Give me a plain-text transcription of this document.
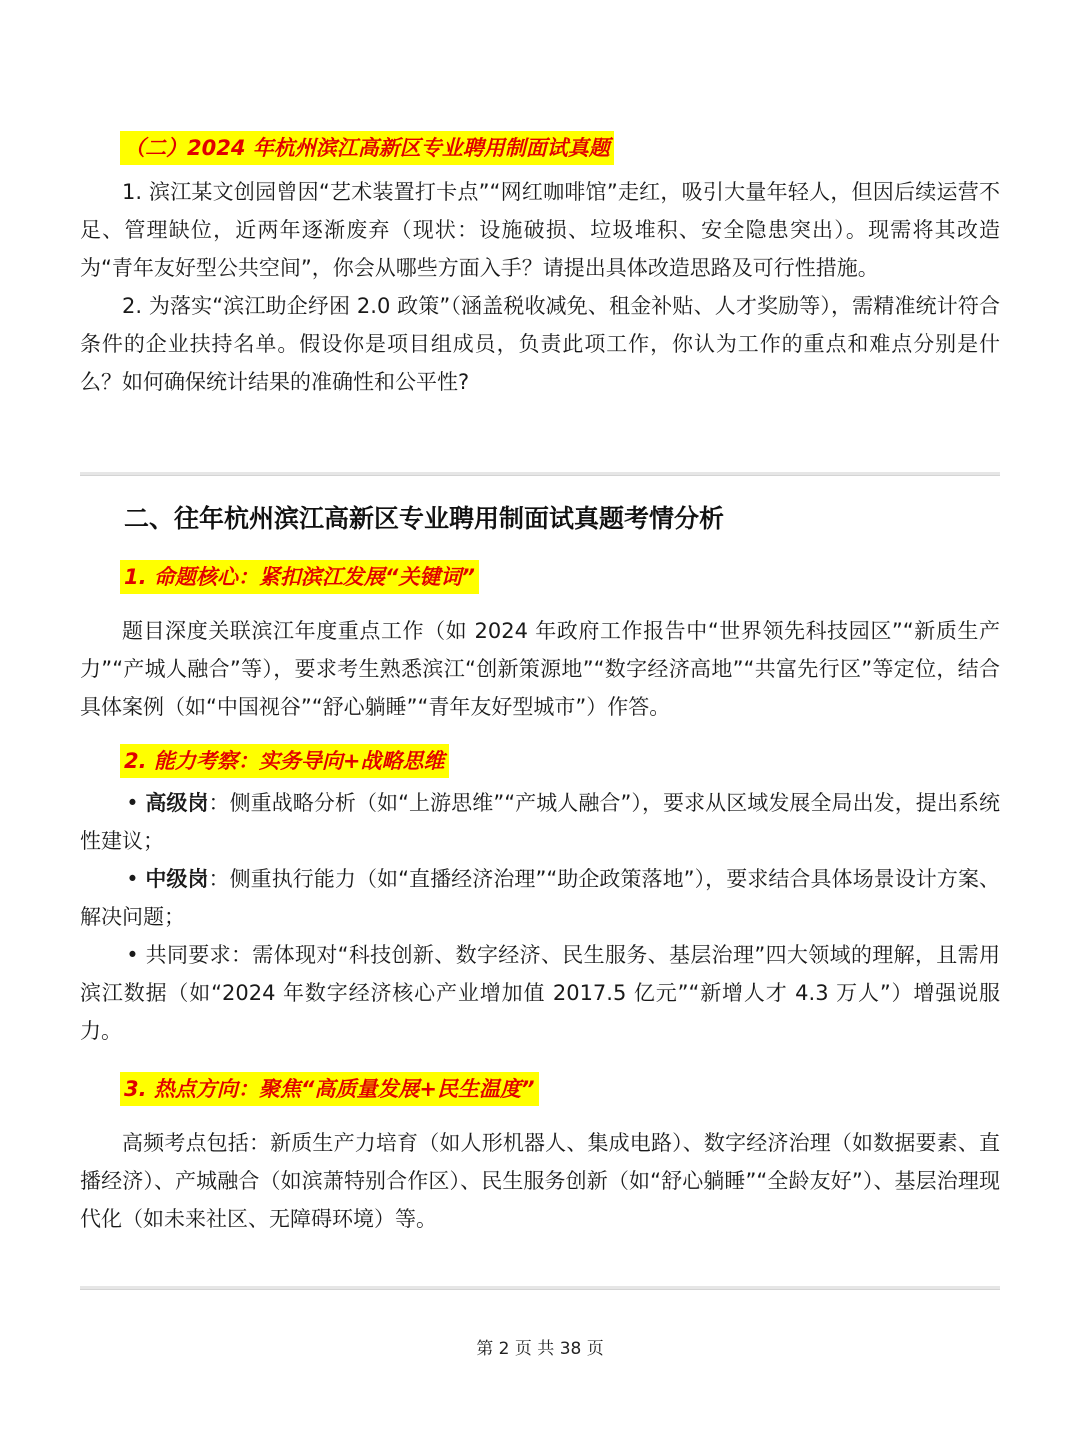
（二）2024 年杭州滨江高新区专业聘用制面试真题

1. 滨江某文创园曾因“艺术装置打卡点”“网红咖啡馆”走红，吸引大量年轻人，但因后续运营不足、管理缺位，近两年逐渐废弃（现状：设施破损、垃圾堆积、安全隐患突出）。现需将其改造为“青年友好型公共空间”，你会从哪些方面入手？请提出具体改造思路及可行性措施。

2. 为落实“滨江助企纾困 2.0 政策”（涵盖税收减免、租金补贴、人才奖励等），需精准统计符合条件的企业扶持名单。假设你是项目组成员，负责此项工作，你认为工作的重点和难点分别是什么？如何确保统计结果的准确性和公平性?

二、往年杭州滨江高新区专业聘用制面试真题考情分析
1. 命题核心：紧扣滨江发展“关键词”

题目深度关联滨江年度重点工作（如 2024 年政府工作报告中“世界领先科技园区”“新质生产力”“产城人融合”等），要求考生熟悉滨江“创新策源地”“数字经济高地”“共富先行区”等定位，结合具体案例（如“中国视谷”“舒心躺睡”“青年友好型城市”）作答。

2. 能力考察：实务导向+战略思维

• 高级岗：侧重战略分析（如“上游思维”“产城人融合”），要求从区域发展全局出发，提出系统性建议；

• 中级岗：侧重执行能力（如“直播经济治理”“助企政策落地”），要求结合具体场景设计方案、解决问题；

• 共同要求：需体现对“科技创新、数字经济、民生服务、基层治理”四大领域的理解，且需用滨江数据（如“2024 年数字经济核心产业增加值 2017.5 亿元”“新增人才 4.3 万人”）增强说服力。

3. 热点方向：聚焦“高质量发展+民生温度”

高频考点包括：新质生产力培育（如人形机器人、集成电路）、数字经济治理（如数据要素、直播经济）、产城融合（如滨萧特别合作区）、民生服务创新（如“舒心躺睡”“全龄友好”）、基层治理现代化（如未来社区、无障碍环境）等。

第 2 页 共 38 页
